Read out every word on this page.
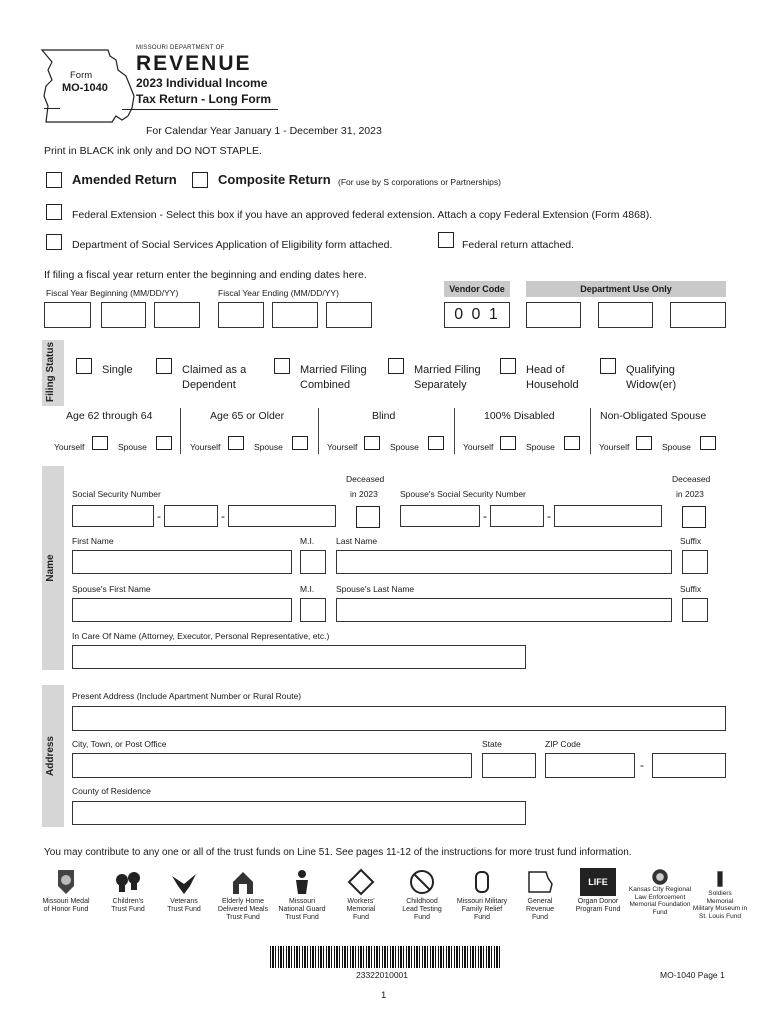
Form
MO-1040
MISSOURI DEPARTMENT OF
REVENUE
2023 Individual Income
Tax Return - Long Form
For Calendar Year January 1 - December 31, 2023
Print in BLACK ink only and DO NOT STAPLE.
Amended Return	Composite Return (For use by S corporations or Partnerships)
Federal Extension - Select this box if you have an approved federal extension. Attach a copy Federal Extension (Form 4868).
Department of Social Services Application of Eligibility form attached.	Federal return attached.
If filing a fiscal year return enter the beginning and ending dates here.
Fiscal Year Beginning (MM/DD/YY)	Fiscal Year Ending (MM/DD/YY)	Vendor Code
0 0 1
Department Use Only
Filing Status	Single	Claimed as a
Dependent
Married Filing
Combined
Married Filing
Separately
Head of
Household
Qualifying
Widow(er)
Age 62 through 64	Age 65 or Older	Blind	100% Disabled	Non-Obligated Spouse
Yourself	Spouse	Yourself	Spouse	Yourself	Spouse	Yourself	Spouse	Yourself	Spouse
Name
Social Security Number
Deceased
in 2023	Spouse's Social Security Number
Deceased
in 2023
-	-	-	-
First Name	M.I.	Last Name	Suffix
Spouse's First Name	M.I.	Spouse's Last Name	Suffix
In Care Of Name (Attorney, Executor, Personal Representative, etc.)
Address
Present Address (Include Apartment Number or Rural Route)
City, Town, or Post Office	State	ZIP Code
-
County of Residence
You may contribute to any one or all of the trust funds on Line 51. See pages 11-12 of the instructions for more trust fund information.
Missouri Medal
of Honor Fund
Children's
Trust Fund
Veterans
Trust Fund
Elderly Home
Delivered Meals
Trust Fund
Missouri
National Guard
Trust Fund
Workers'
Memorial
Fund
Childhood
Lead Testing
Fund
Missouri Military
Family Relief
Fund
General
Revenue
Fund
LIFE
Organ Donor
Program Fund
Kansas City Regional
Law Enforcement
Memorial Foundation Fund
Soldiers
Memorial
Military Museum in St. Louis Fund
23322010001	MO-1040 Page 1
1
